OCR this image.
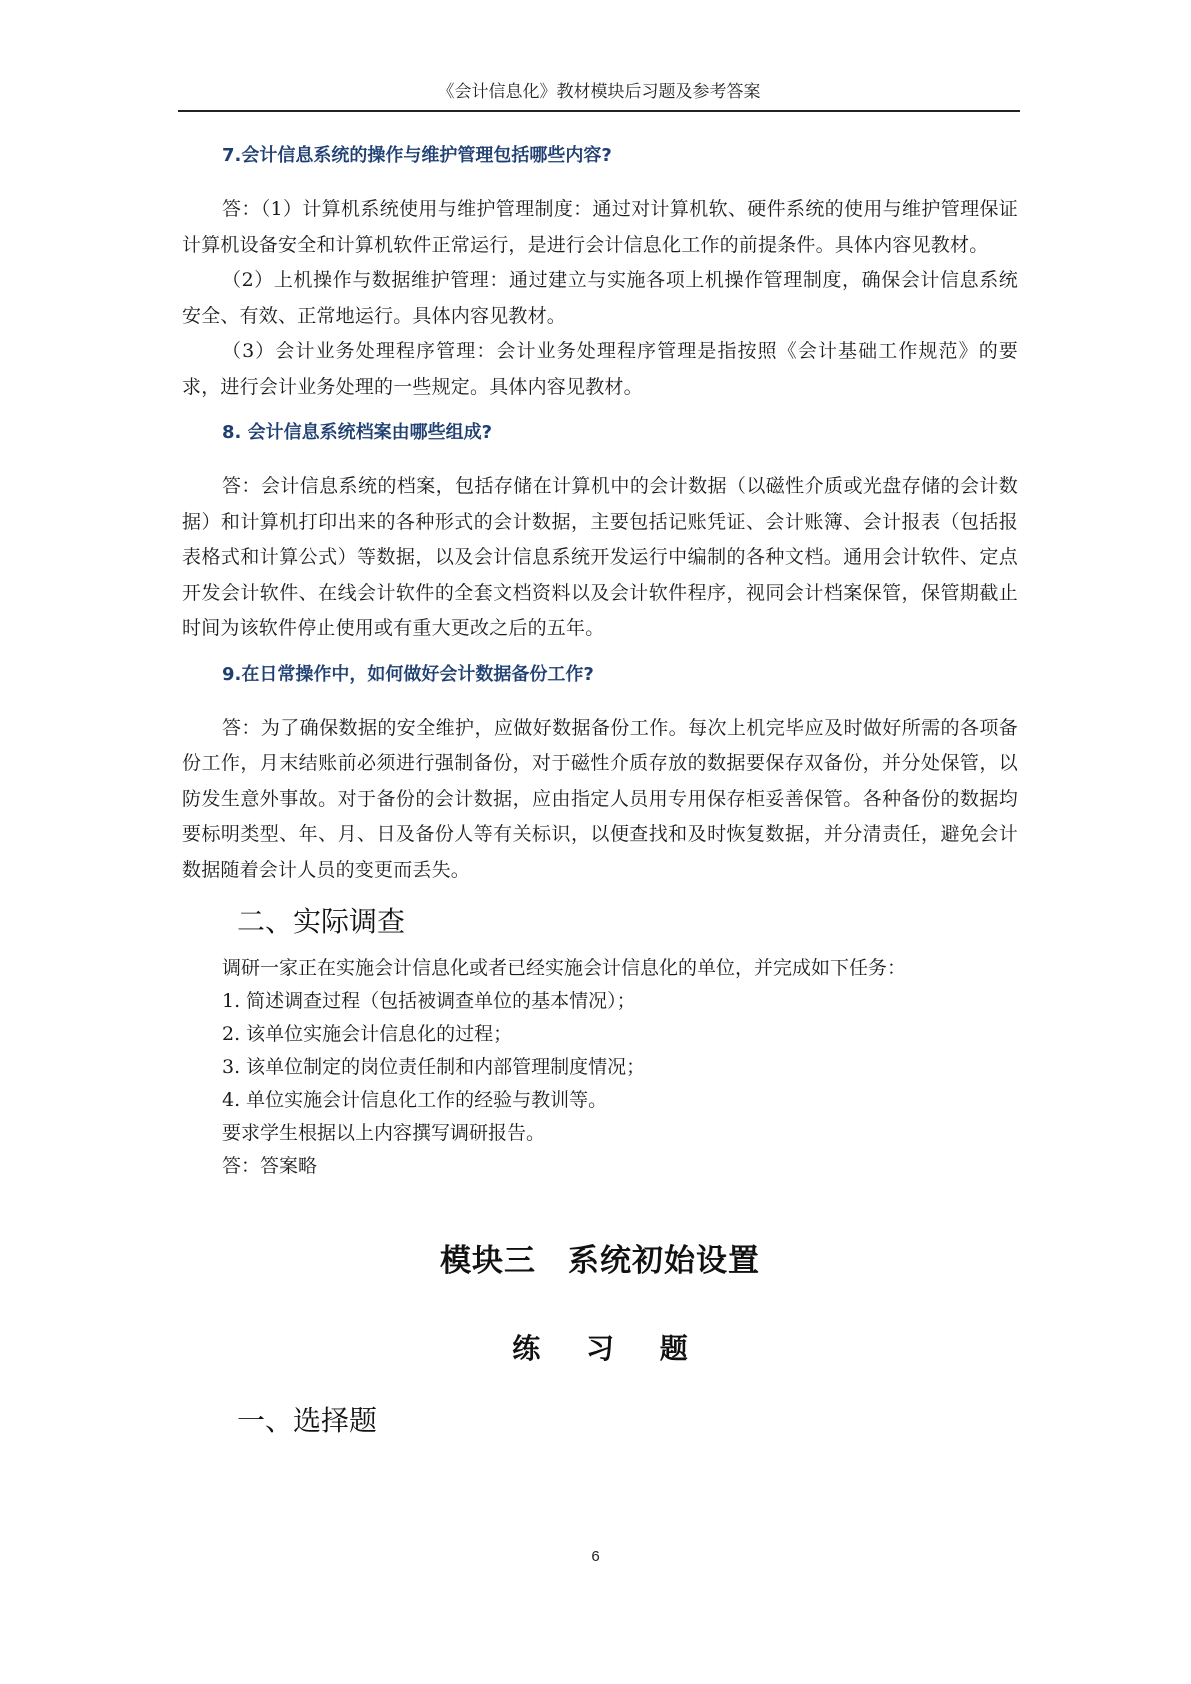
《会计信息化》教材模块后习题及参考答案

7.会计信息系统的操作与维护管理包括哪些内容?

答：（1）计算机系统使用与维护管理制度：通过对计算机软、硬件系统的使用与维护管理保证计算机设备安全和计算机软件正常运行，是进行会计信息化工作的前提条件。具体内容见教材。

（2）上机操作与数据维护管理：通过建立与实施各项上机操作管理制度，确保会计信息系统安全、有效、正常地运行。具体内容见教材。

（3）会计业务处理程序管理：会计业务处理程序管理是指按照《会计基础工作规范》的要求，进行会计业务处理的一些规定。具体内容见教材。

8. 会计信息系统档案由哪些组成?

答：会计信息系统的档案，包括存储在计算机中的会计数据（以磁性介质或光盘存储的会计数据）和计算机打印出来的各种形式的会计数据，主要包括记账凭证、会计账簿、会计报表（包括报表格式和计算公式）等数据，以及会计信息系统开发运行中编制的各种文档。通用会计软件、定点开发会计软件、在线会计软件的全套文档资料以及会计软件程序，视同会计档案保管，保管期截止时间为该软件停止使用或有重大更改之后的五年。

9.在日常操作中，如何做好会计数据备份工作?

答：为了确保数据的安全维护，应做好数据备份工作。每次上机完毕应及时做好所需的各项备份工作，月末结账前必须进行强制备份，对于磁性介质存放的数据要保存双备份，并分处保管，以防发生意外事故。对于备份的会计数据，应由指定人员用专用保存柜妥善保管。各种备份的数据均要标明类型、年、月、日及备份人等有关标识，以便查找和及时恢复数据，并分清责任，避免会计数据随着会计人员的变更而丢失。

二、实际调查

调研一家正在实施会计信息化或者已经实施会计信息化的单位，并完成如下任务：

1. 简述调查过程（包括被调查单位的基本情况）；

2. 该单位实施会计信息化的过程；

3. 该单位制定的岗位责任制和内部管理制度情况；

4. 单位实施会计信息化工作的经验与教训等。

要求学生根据以上内容撰写调研报告。

答：答案略

模块三　系统初始设置

练 习 题

一、选择题

6
